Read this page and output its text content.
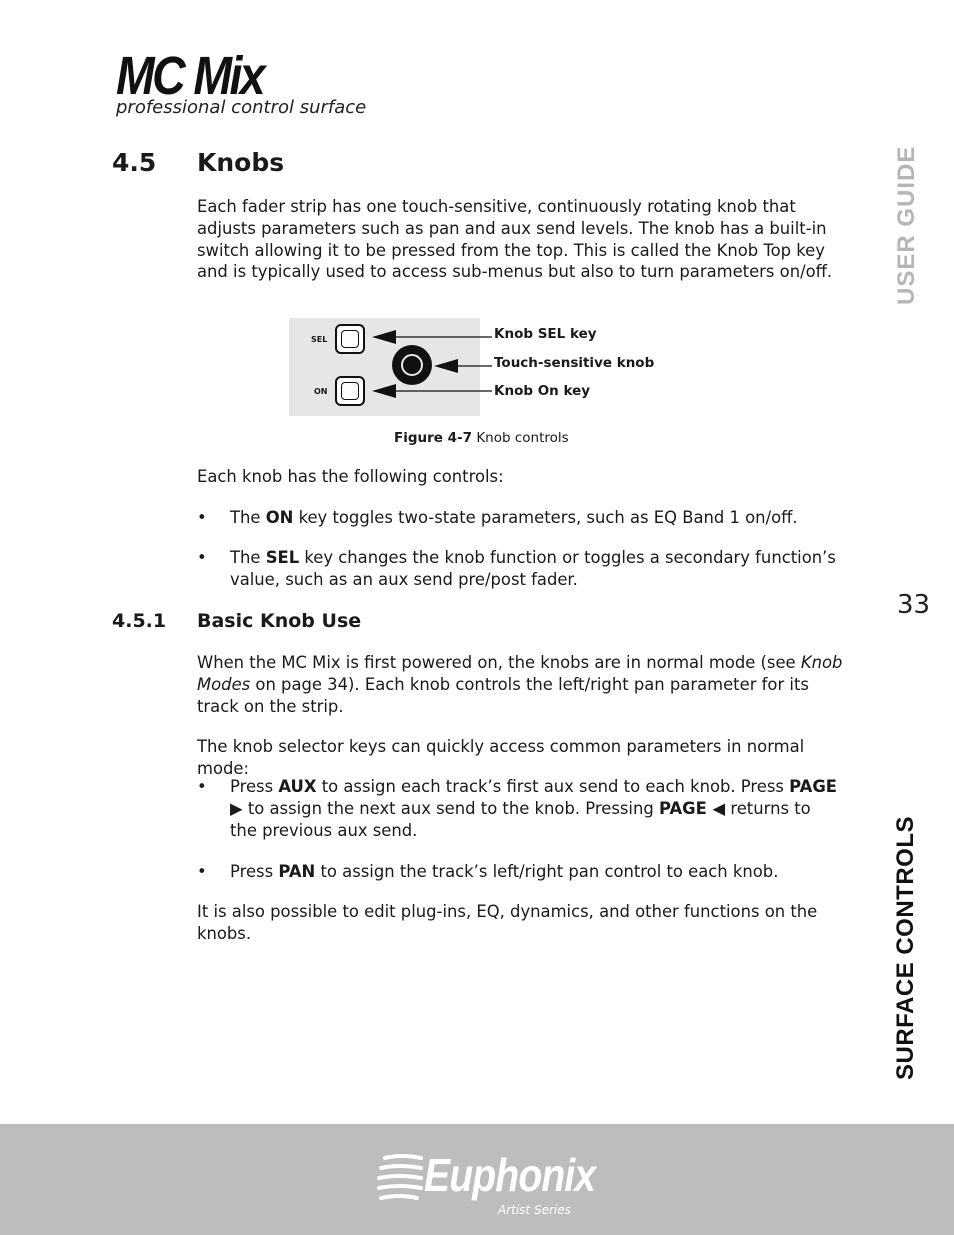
MC Mix
professional control surface
4.5 Knobs

Each fader strip has one touch-sensitive, continuously rotating knob that adjusts parameters such as pan and aux send levels. The knob has a built-in switch allowing it to be pressed from the top. This is called the Knob Top key and is typically used to access sub-menus but also to turn parameters on/off.

SEL
ON
Knob SEL key
Touch-sensitive knob
Knob On key
Figure 4-7 Knob controls

Each knob has the following controls:

• The ON key toggles two-state parameters, such as EQ Band 1 on/off.
• The SEL key changes the knob function or toggles a secondary function’s value, such as an aux send pre/post fader.
4.5.1 Basic Knob Use

When the MC Mix is first powered on, the knobs are in normal mode (see Knob Modes on page 34). Each knob controls the left/right pan parameter for its track on the strip.

The knob selector keys can quickly access common parameters in normal mode:

• Press AUX to assign each track’s first aux send to each knob. Press PAGE ▶ to assign the next aux send to the knob. Pressing PAGE ◀ returns to the previous aux send.
• Press PAN to assign the track’s left/right pan control to each knob.

It is also possible to edit plug-ins, EQ, dynamics, and other functions on the knobs.

USER GUIDE
33
SURFACE CONTROLS
Euphonix
Artist Series
